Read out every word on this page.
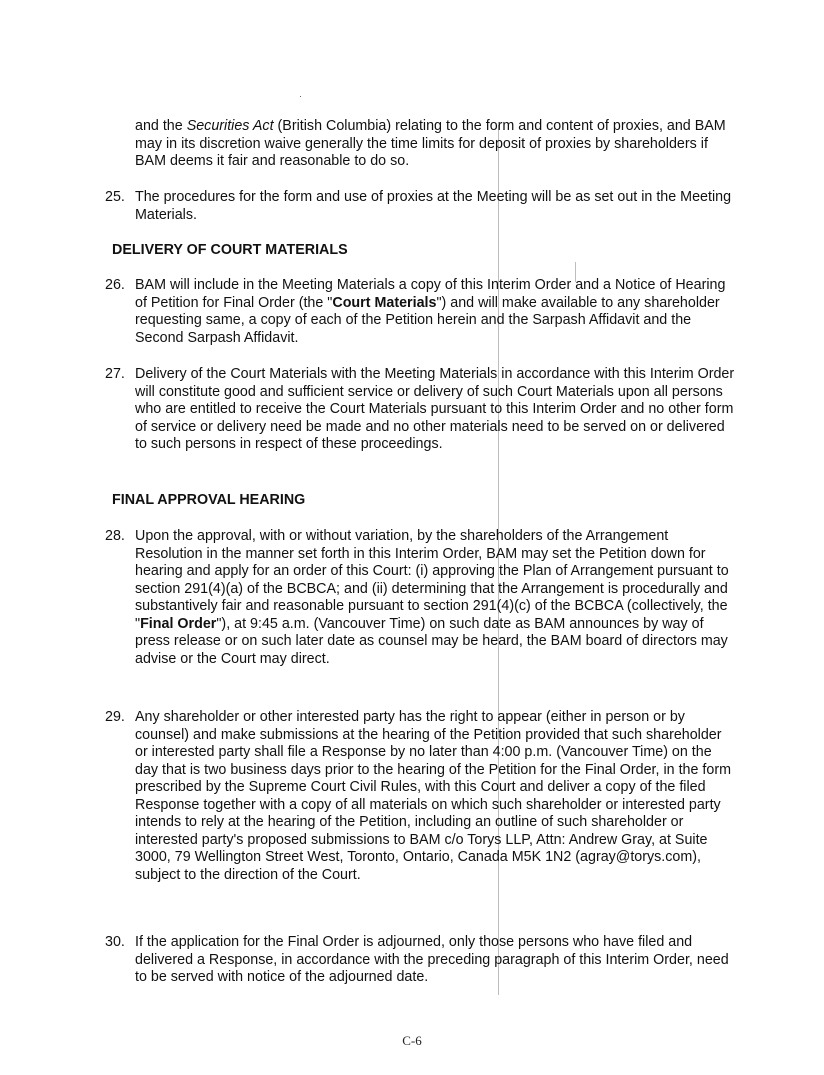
and the Securities Act (British Columbia) relating to the form and content of proxies, and BAM may in its discretion waive generally the time limits for deposit of proxies by shareholders if BAM deems it fair and reasonable to do so.

25. The procedures for the form and use of proxies at the Meeting will be as set out in the Meeting Materials.
DELIVERY OF COURT MATERIALS
26. BAM will include in the Meeting Materials a copy of this Interim Order and a Notice of Hearing of Petition for Final Order (the "Court Materials") and will make available to any shareholder requesting same, a copy of each of the Petition herein and the Sarpash Affidavit and the Second Sarpash Affidavit.
27. Delivery of the Court Materials with the Meeting Materials in accordance with this Interim Order will constitute good and sufficient service or delivery of such Court Materials upon all persons who are entitled to receive the Court Materials pursuant to this Interim Order and no other form of service or delivery need be made and no other materials need to be served on or delivered to such persons in respect of these proceedings.
FINAL APPROVAL HEARING
28. Upon the approval, with or without variation, by the shareholders of the Arrangement Resolution in the manner set forth in this Interim Order, BAM may set the Petition down for hearing and apply for an order of this Court: (i) approving the Plan of Arrangement pursuant to section 291(4)(a) of the BCBCA; and (ii) determining that the Arrangement is procedurally and substantively fair and reasonable pursuant to section 291(4)(c) of the BCBCA (collectively, the "Final Order"), at 9:45 a.m. (Vancouver Time) on such date as BAM announces by way of press release or on such later date as counsel may be heard, the BAM board of directors may advise or the Court may direct.
29. Any shareholder or other interested party has the right to appear (either in person or by counsel) and make submissions at the hearing of the Petition provided that such shareholder or interested party shall file a Response by no later than 4:00 p.m. (Vancouver Time) on the day that is two business days prior to the hearing of the Petition for the Final Order, in the form prescribed by the Supreme Court Civil Rules, with this Court and deliver a copy of the filed Response together with a copy of all materials on which such shareholder or interested party intends to rely at the hearing of the Petition, including an outline of such shareholder or interested party's proposed submissions to BAM c/o Torys LLP, Attn: Andrew Gray, at Suite 3000, 79 Wellington Street West, Toronto, Ontario, Canada M5K 1N2 (agray@torys.com), subject to the direction of the Court.
30. If the application for the Final Order is adjourned, only those persons who have filed and delivered a Response, in accordance with the preceding paragraph of this Interim Order, need to be served with notice of the adjourned date.
C-6
